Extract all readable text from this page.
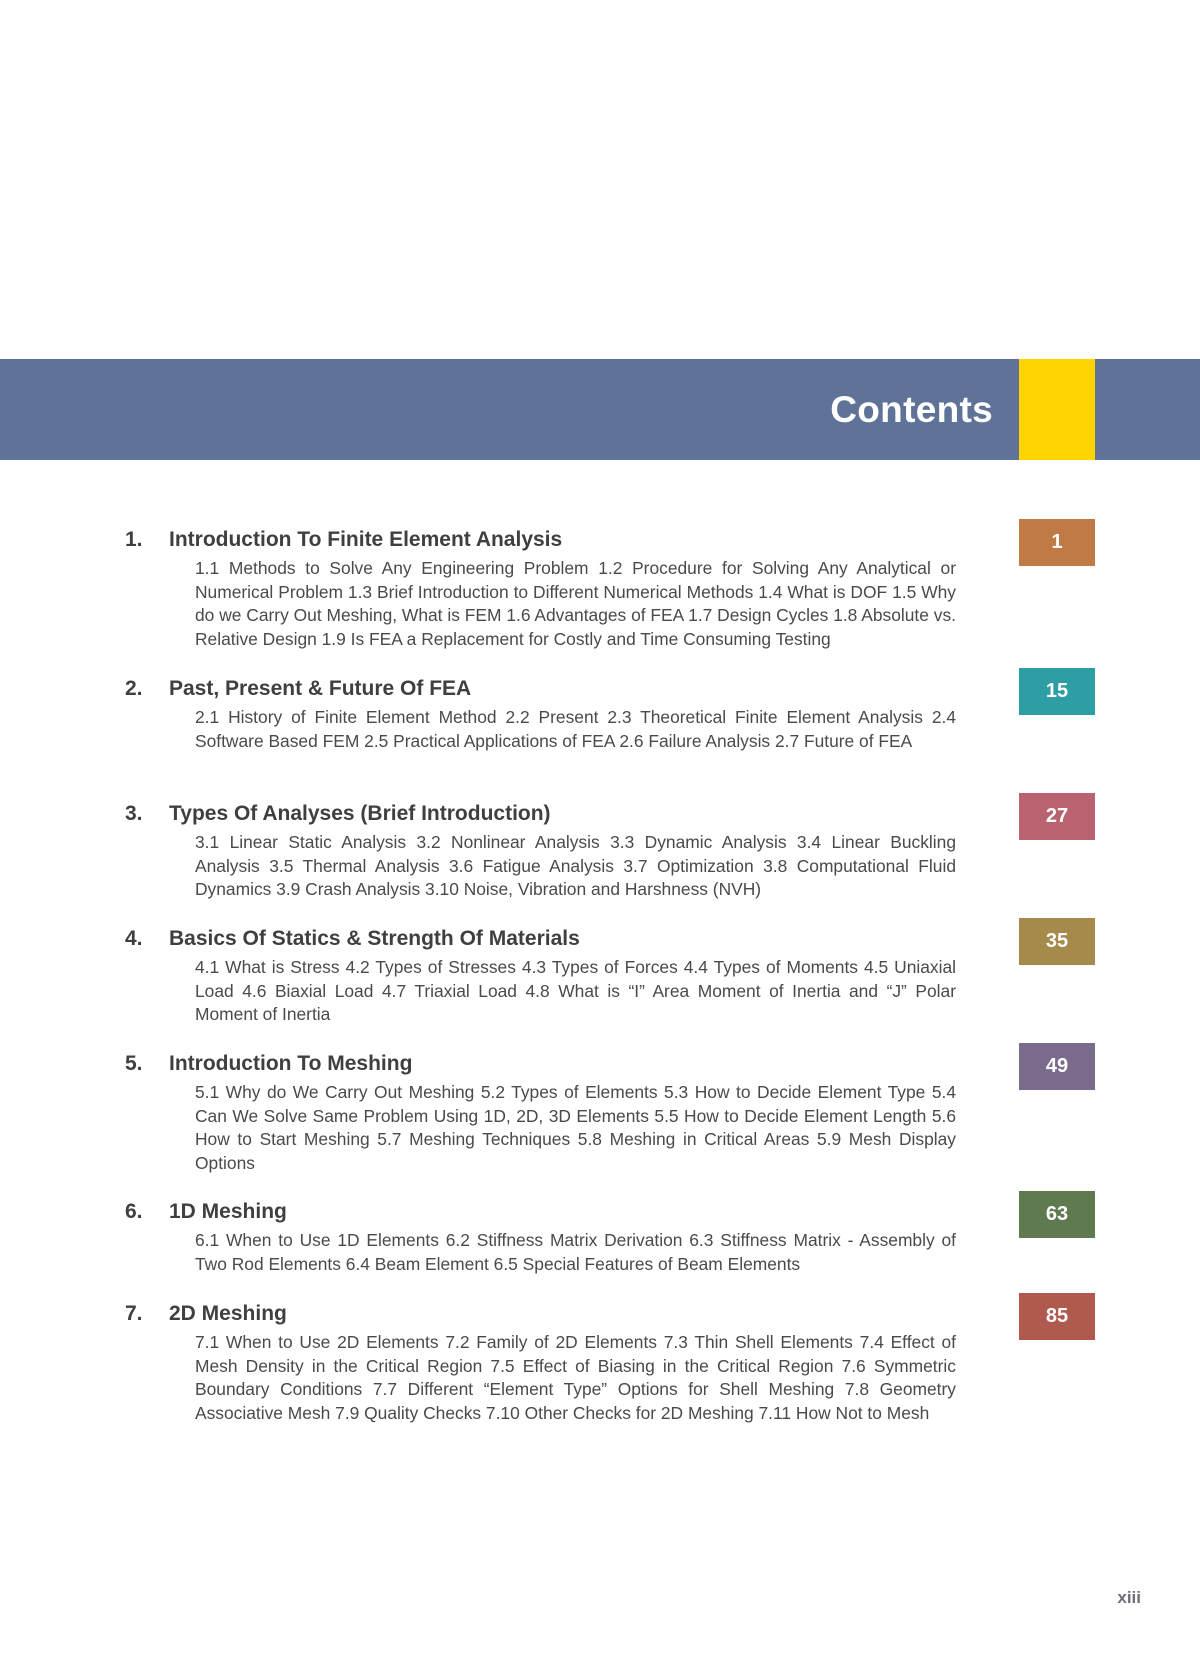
Contents
1. Introduction To Finite Element Analysis
1.1 Methods to Solve Any Engineering Problem 1.2 Procedure for Solving Any Analytical or Numerical Problem 1.3 Brief Introduction to Different Numerical Methods 1.4 What is DOF 1.5 Why do we Carry Out Meshing, What is FEM 1.6 Advantages of FEA 1.7 Design Cycles 1.8 Absolute vs. Relative Design 1.9 Is FEA a Replacement for Costly and Time Consuming Testing
1
2. Past, Present & Future Of FEA
2.1 History of Finite Element Method 2.2 Present 2.3 Theoretical Finite Element Analysis 2.4 Software Based FEM 2.5 Practical Applications of FEA 2.6 Failure Analysis 2.7 Future of FEA
15
3. Types Of Analyses (Brief Introduction)
3.1 Linear Static Analysis 3.2 Nonlinear Analysis 3.3 Dynamic Analysis 3.4 Linear Buckling Analysis 3.5 Thermal Analysis 3.6 Fatigue Analysis 3.7 Optimization 3.8 Computational Fluid Dynamics 3.9 Crash Analysis 3.10 Noise, Vibration and Harshness (NVH)
27
4. Basics Of Statics & Strength Of Materials
4.1 What is Stress 4.2 Types of Stresses 4.3 Types of Forces 4.4 Types of Moments 4.5 Uniaxial Load 4.6 Biaxial Load 4.7 Triaxial Load 4.8 What is “I” Area Moment of Inertia and “J” Polar Moment of Inertia
35
5. Introduction To Meshing
5.1 Why do We Carry Out Meshing 5.2 Types of Elements 5.3 How to Decide Element Type 5.4 Can We Solve Same Problem Using 1D, 2D, 3D Elements 5.5 How to Decide Element Length 5.6 How to Start Meshing 5.7 Meshing Techniques 5.8 Meshing in Critical Areas 5.9 Mesh Display Options
49
6. 1D Meshing
6.1 When to Use 1D Elements 6.2 Stiffness Matrix Derivation 6.3 Stiffness Matrix - Assembly of Two Rod Elements 6.4 Beam Element 6.5 Special Features of Beam Elements
63
7. 2D Meshing
7.1 When to Use 2D Elements 7.2 Family of 2D Elements 7.3 Thin Shell Elements 7.4 Effect of Mesh Density in the Critical Region 7.5 Effect of Biasing in the Critical Region 7.6 Symmetric Boundary Conditions 7.7 Different “Element Type” Options for Shell Meshing 7.8 Geometry Associative Mesh 7.9 Quality Checks 7.10 Other Checks for 2D Meshing 7.11 How Not to Mesh
85
xiii
